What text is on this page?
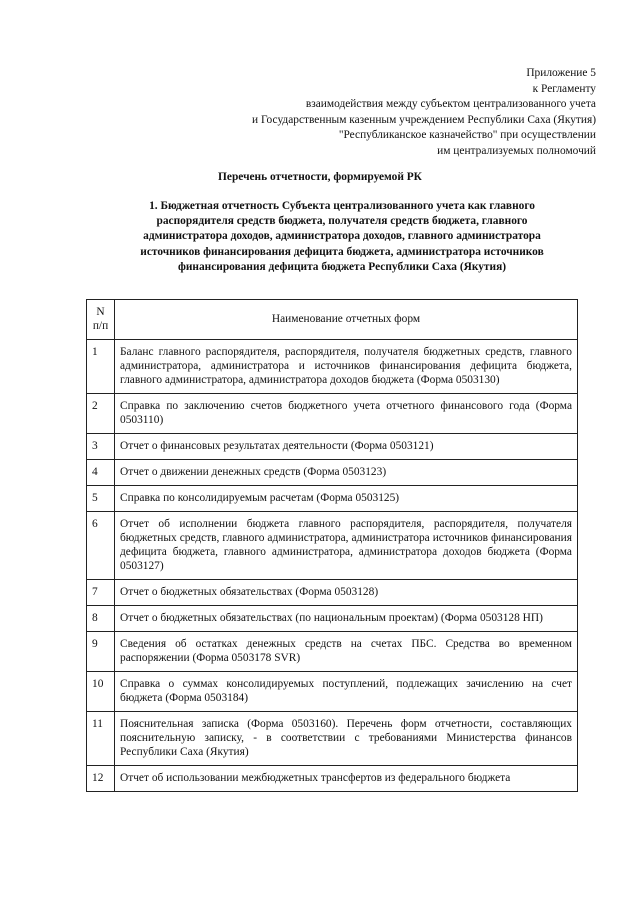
Приложение 5
к Регламенту
взаимодействия между субъектом централизованного учета
и Государственным казенным учреждением Республики Саха (Якутия)
"Республиканское казначейство" при осуществлении
им централизуемых полномочий
Перечень отчетности, формируемой РК
1. Бюджетная отчетность Субъекта централизованного учета как главного распорядителя средств бюджета, получателя средств бюджета, главного администратора доходов, администратора доходов, главного администратора источников финансирования дефицита бюджета, администратора источников финансирования дефицита бюджета Республики Саха (Якутия)
N
п/п	Наименование отчетных форм
1	Баланс главного распорядителя, распорядителя, получателя бюджетных средств, главного администратора, администратора и источников финансирования дефицита бюджета, главного администратора, администратора доходов бюджета (Форма 0503130)
2	Справка по заключению счетов бюджетного учета отчетного финансового года (Форма 0503110)
3	Отчет о финансовых результатах деятельности (Форма 0503121)
4	Отчет о движении денежных средств (Форма 0503123)
5	Справка по консолидируемым расчетам (Форма 0503125)
6	Отчет об исполнении бюджета главного распорядителя, распорядителя, получателя бюджетных средств, главного администратора, администратора источников финансирования дефицита бюджета, главного администратора, администратора доходов бюджета (Форма 0503127)
7	Отчет о бюджетных обязательствах (Форма 0503128)
8	Отчет о бюджетных обязательствах (по национальным проектам) (Форма 0503128 НП)
9	Сведения об остатках денежных средств на счетах ПБС. Средства во временном распоряжении (Форма 0503178 SVR)
10	Справка о суммах консолидируемых поступлений, подлежащих зачислению на счет бюджета (Форма 0503184)
11	Пояснительная записка (Форма 0503160). Перечень форм отчетности, составляющих пояснительную записку, - в соответствии с требованиями Министерства финансов Республики Саха (Якутия)
12	Отчет об использовании межбюджетных трансфертов из федерального бюджета
